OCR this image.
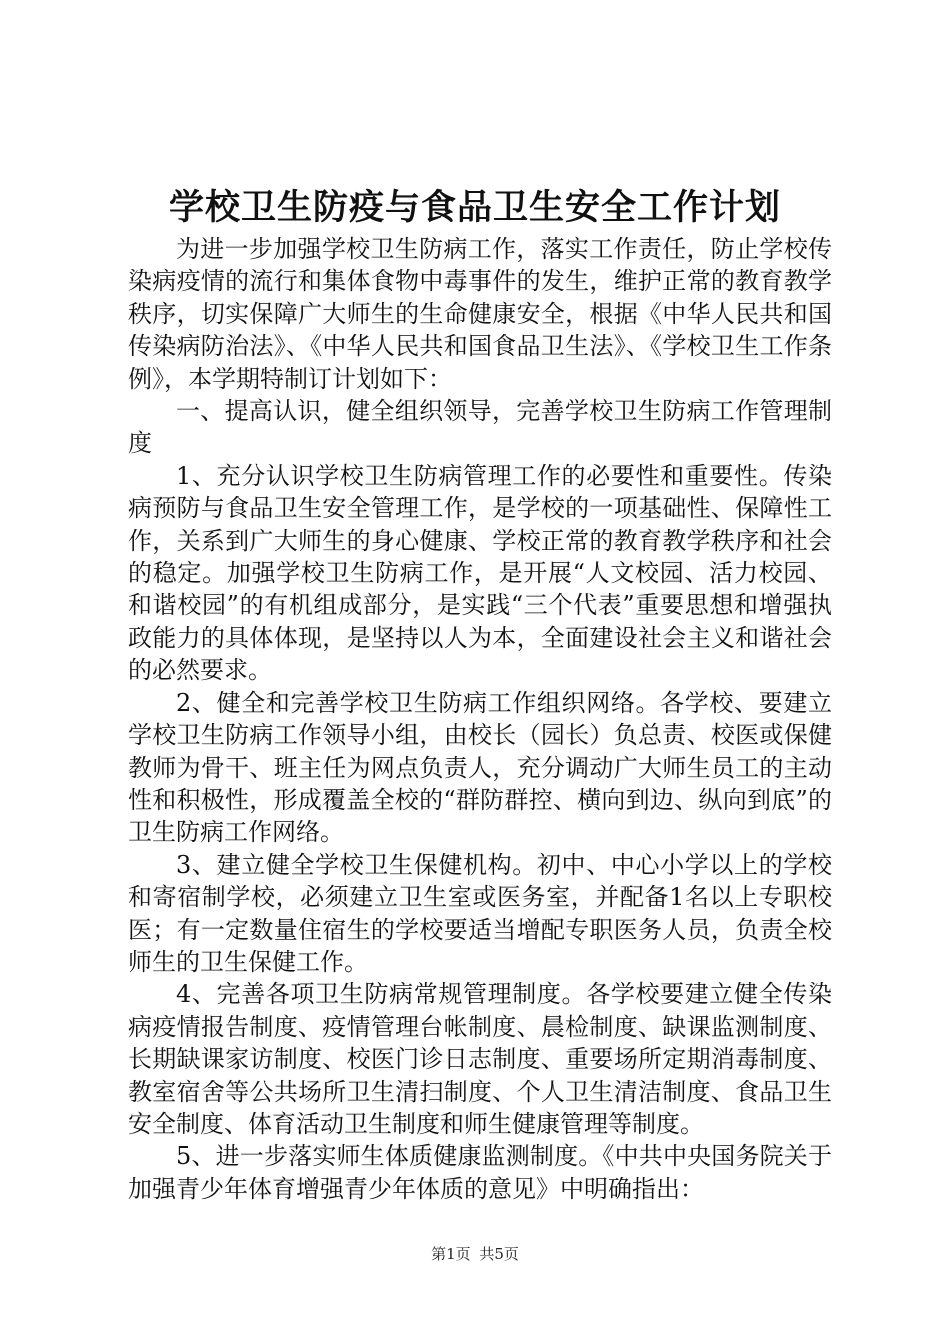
学校卫生防疫与食品卫生安全工作计划

为进一步加强学校卫生防病工作，落实工作责任，防止学校传染病疫情的流行和集体食物中毒事件的发生，维护正常的教育教学秩序，切实保障广大师生的生命健康安全，根据《中华人民共和国传染病防治法》、《中华人民共和国食品卫生法》、《学校卫生工作条例》，本学期特制订计划如下：

一、提高认识，健全组织领导，完善学校卫生防病工作管理制度

1、充分认识学校卫生防病管理工作的必要性和重要性。传染病预防与食品卫生安全管理工作，是学校的一项基础性、保障性工作，关系到广大师生的身心健康、学校正常的教育教学秩序和社会的稳定。加强学校卫生防病工作，是开展“人文校园、活力校园、和谐校园”的有机组成部分，是实践“三个代表”重要思想和增强执政能力的具体体现，是坚持以人为本，全面建设社会主义和谐社会的必然要求。

2、健全和完善学校卫生防病工作组织网络。各学校、要建立学校卫生防病工作领导小组，由校长（园长）负总责、校医或保健教师为骨干、班主任为网点负责人，充分调动广大师生员工的主动性和积极性，形成覆盖全校的“群防群控、横向到边、纵向到底”的卫生防病工作网络。

3、建立健全学校卫生保健机构。初中、中心小学以上的学校和寄宿制学校，必须建立卫生室或医务室，并配备1名以上专职校医；有一定数量住宿生的学校要适当增配专职医务人员，负责全校师生的卫生保健工作。

4、完善各项卫生防病常规管理制度。各学校要建立健全传染病疫情报告制度、疫情管理台帐制度、晨检制度、缺课监测制度、长期缺课家访制度、校医门诊日志制度、重要场所定期消毒制度、教室宿舍等公共场所卫生清扫制度、个人卫生清洁制度、食品卫生安全制度、体育活动卫生制度和师生健康管理等制度。

5、进一步落实师生体质健康监测制度。《中共中央国务院关于加强青少年体育增强青少年体质的意见》中明确指出：

第1页 共5页
